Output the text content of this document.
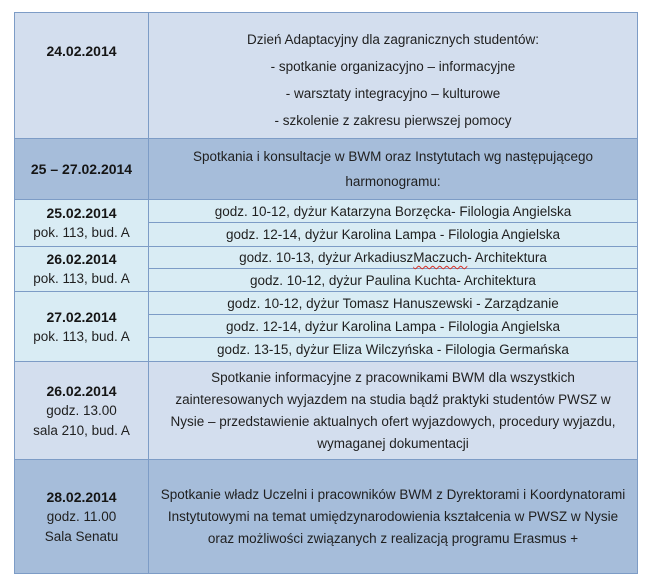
24.02.2014
Dzień Adaptacyjny dla zagranicznych studentów:
- spotkanie organizacyjno – informacyjne
- warsztaty integracyjno – kulturowe
- szkolenie z zakresu pierwszej pomocy
25 – 27.02.2014
Spotkania i konsultacje w BWM oraz Instytutach wg następującego harmonogramu:
25.02.2014
pok. 113, bud. A
godz. 10-12, dyżur Katarzyna Borzęcka- Filologia Angielska
godz. 12-14, dyżur Karolina Lampa - Filologia Angielska
26.02.2014
pok. 113, bud. A
godz. 10-13, dyżur Arkadiusz Maczuch - Architektura
godz. 10-12, dyżur Paulina Kuchta- Architektura
27.02.2014
pok. 113, bud. A
godz. 10-12, dyżur Tomasz Hanuszewski - Zarządzanie
godz. 12-14, dyżur Karolina Lampa - Filologia Angielska
godz. 13-15, dyżur Eliza Wilczyńska - Filologia Germańska
26.02.2014
godz. 13.00
sala 210, bud. A
Spotkanie informacyjne z pracownikami BWM dla wszystkich zainteresowanych wyjazdem na studia bądź praktyki studentów PWSZ w Nysie – przedstawienie aktualnych ofert wyjazdowych, procedury wyjazdu, wymaganej dokumentacji
28.02.2014
godz. 11.00
Sala Senatu
Spotkanie władz Uczelni i pracowników BWM z Dyrektorami i Koordynatorami Instytutowymi na temat umiędzynarodowienia kształcenia w PWSZ w Nysie oraz możliwości związanych z realizacją programu Erasmus +
